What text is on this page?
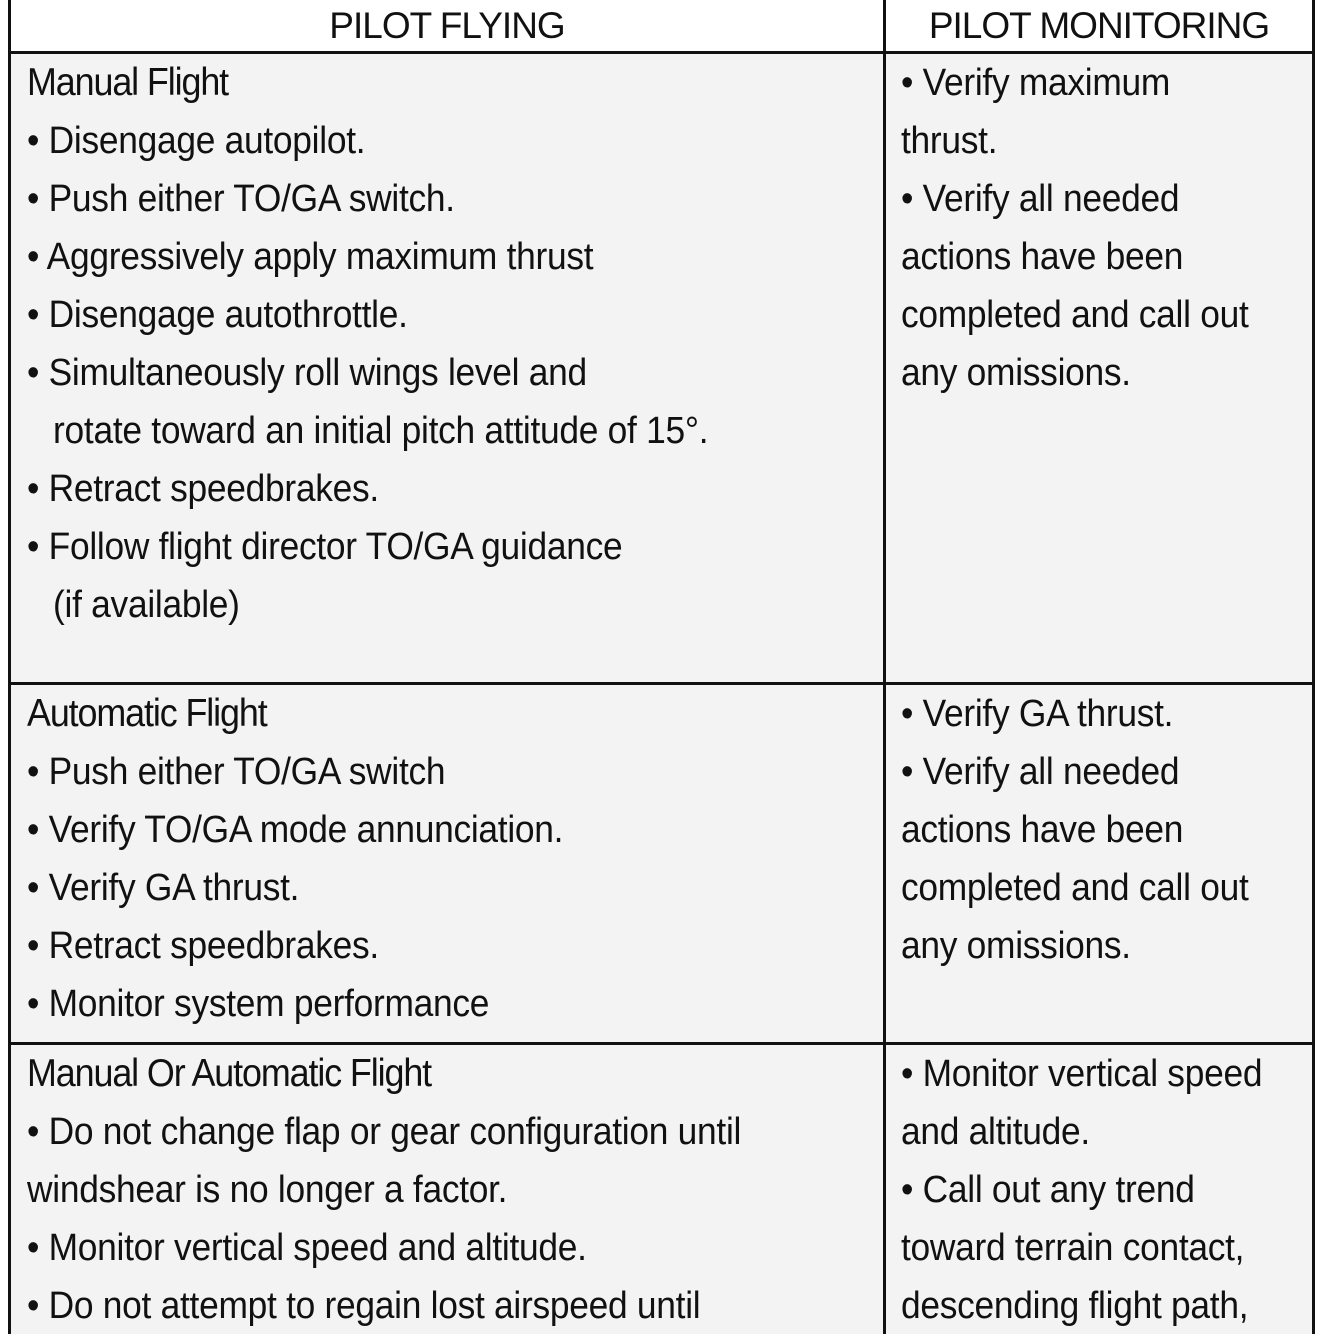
PILOT FLYING	PILOT MONITORING
Manual Flight
• Disengage autopilot.
• Push either TO/GA switch.
• Aggressively apply maximum thrust
• Disengage autothrottle.
• Simultaneously roll wings level and
rotate toward an initial pitch attitude of 15°.
• Retract speedbrakes.
• Follow flight director TO/GA guidance
(if available)
• Verify maximum
thrust.
• Verify all needed
actions have been
completed and call out
any omissions.
Automatic Flight
• Push either TO/GA switch
• Verify TO/GA mode annunciation.
• Verify GA thrust.
• Retract speedbrakes.
• Monitor system performance
• Verify GA thrust.
• Verify all needed
actions have been
completed and call out
any omissions.
Manual Or Automatic Flight
• Do not change flap or gear configuration until
windshear is no longer a factor.
• Monitor vertical speed and altitude.
• Do not attempt to regain lost airspeed until
• Monitor vertical speed
and altitude.
• Call out any trend
toward terrain contact,
descending flight path,
